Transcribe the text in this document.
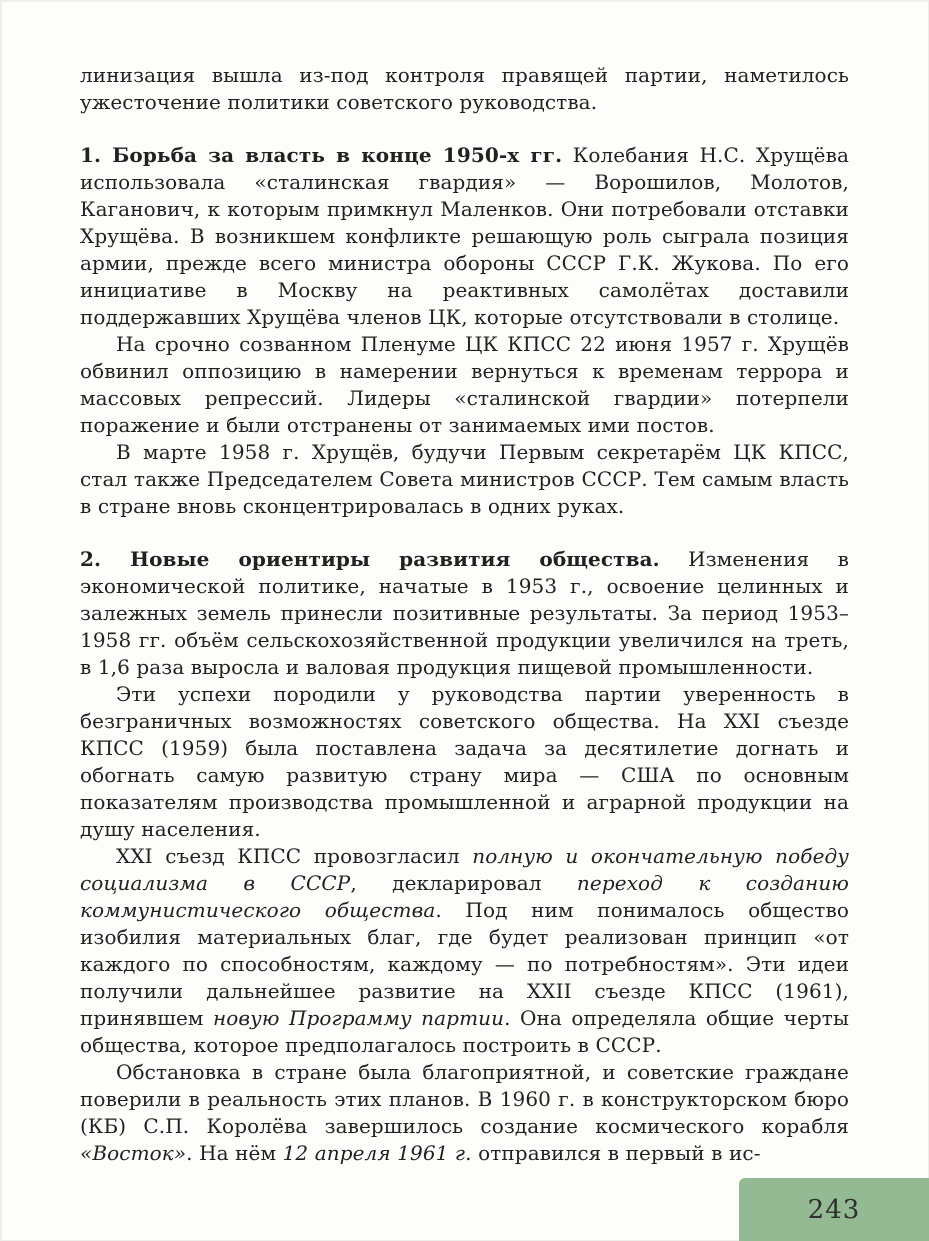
линизация вышла из-под контроля правящей партии, наметилось ужесточение политики советского руководства.

1. Борьба за власть в конце 1950-х гг. Колебания Н.С. Хрущёва использовала «сталинская гвардия» — Ворошилов, Молотов, Каганович, к которым примкнул Маленков. Они потребовали отставки Хрущёва. В возникшем конфликте решающую роль сыграла позиция армии, прежде всего министра обороны СССР Г.К. Жукова. По его инициативе в Москву на реактивных самолётах доставили поддержавших Хрущёва членов ЦК, которые отсутствовали в столице.

На срочно созванном Пленуме ЦК КПСС 22 июня 1957 г. Хрущёв обвинил оппозицию в намерении вернуться к временам террора и массовых репрессий. Лидеры «сталинской гвардии» потерпели поражение и были отстранены от занимаемых ими постов.

В марте 1958 г. Хрущёв, будучи Первым секретарём ЦК КПСС, стал также Председателем Совета министров СССР. Тем самым власть в стране вновь сконцентрировалась в одних руках.

2. Новые ориентиры развития общества. Изменения в экономической политике, начатые в 1953 г., освоение целинных и залежных земель принесли позитивные результаты. За период 1953–1958 гг. объём сельскохозяйственной продукции увеличился на треть, в 1,6 раза выросла и валовая продукция пищевой промышленности.

Эти успехи породили у руководства партии уверенность в безграничных возможностях советского общества. На XXI съезде КПСС (1959) была поставлена задача за десятилетие догнать и обогнать самую развитую страну мира — США по основным показателям производства промышленной и аграрной продукции на душу населения.

XXI съезд КПСС провозгласил полную и окончательную победу социализма в СССР, декларировал переход к созданию коммунистического общества. Под ним понималось общество изобилия материальных благ, где будет реализован принцип «от каждого по способностям, каждому — по потребностям». Эти идеи получили дальнейшее развитие на XXII съезде КПСС (1961), принявшем новую Программу партии. Она определяла общие черты общества, которое предполагалось построить в СССР.

Обстановка в стране была благоприятной, и советские граждане поверили в реальность этих планов. В 1960 г. в конструкторском бюро (КБ) С.П. Королёва завершилось создание космического корабля «Восток». На нём 12 апреля 1961 г. отправился в первый в ис-

243
